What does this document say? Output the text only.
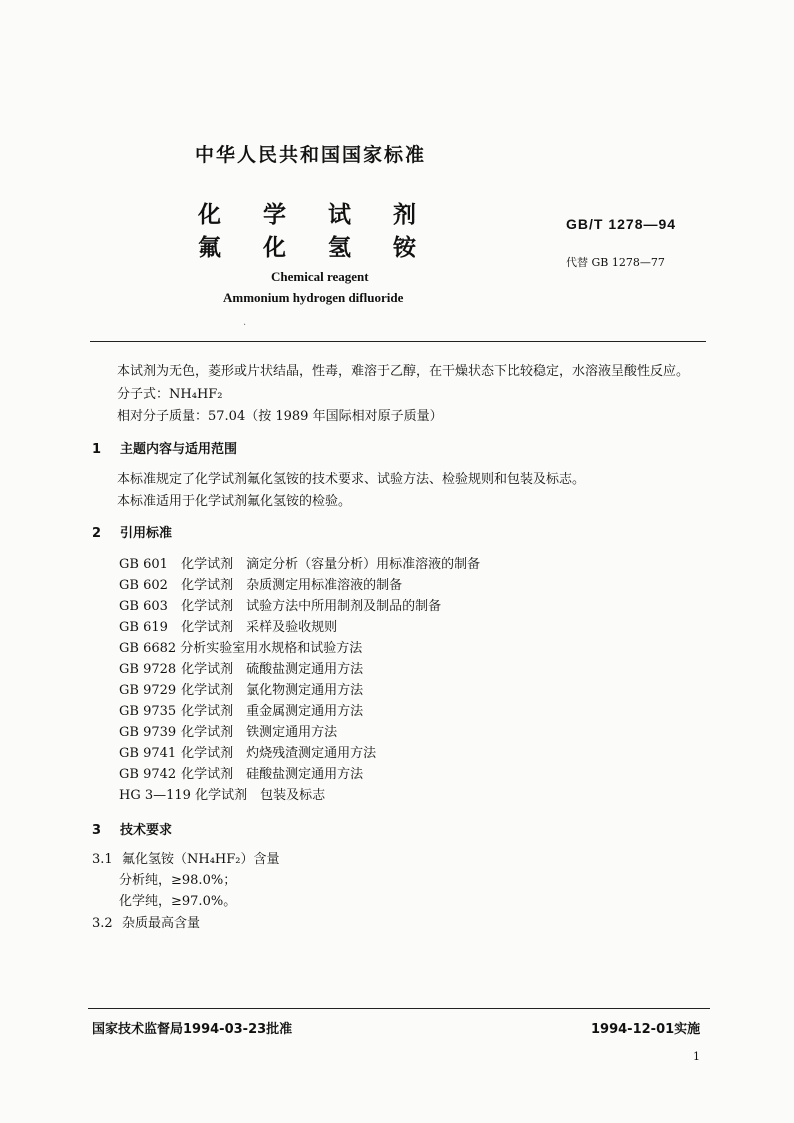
中华人民共和国国家标准
化学试剂
氟化氢铵
GB/T 1278—94
代替 GB 1278—77
Chemical reagent
Ammonium hydrogen difluoride
·
本试剂为无色，菱形或片状结晶，性毒，难溶于乙醇，在干燥状态下比较稳定，水溶液呈酸性反应。
分子式：NH₄HF₂
相对分子质量：57.04（按 1989 年国际相对原子质量）
1 主题内容与适用范围
本标准规定了化学试剂氟化氢铵的技术要求、试验方法、检验规则和包装及标志。
本标准适用于化学试剂氟化氢铵的检验。
2 引用标准
GB 601 化学试剂　滴定分析（容量分析）用标准溶液的制备
GB 602 化学试剂　杂质测定用标准溶液的制备
GB 603 化学试剂　试验方法中所用制剂及制品的制备
GB 619 化学试剂　采样及验收规则
GB 6682 分析实验室用水规格和试验方法
GB 9728 化学试剂　硫酸盐测定通用方法
GB 9729 化学试剂　氯化物测定通用方法
GB 9735 化学试剂　重金属测定通用方法
GB 9739 化学试剂　铁测定通用方法
GB 9741 化学试剂　灼烧残渣测定通用方法
GB 9742 化学试剂　硅酸盐测定通用方法
HG 3—119 化学试剂　包装及标志
3 技术要求
3.1 氟化氢铵（NH₄HF₂）含量
分析纯，≥98.0%；
化学纯，≥97.0%。
3.2 杂质最高含量
国家技术监督局1994-03-23批准	1994-12-01实施
1
